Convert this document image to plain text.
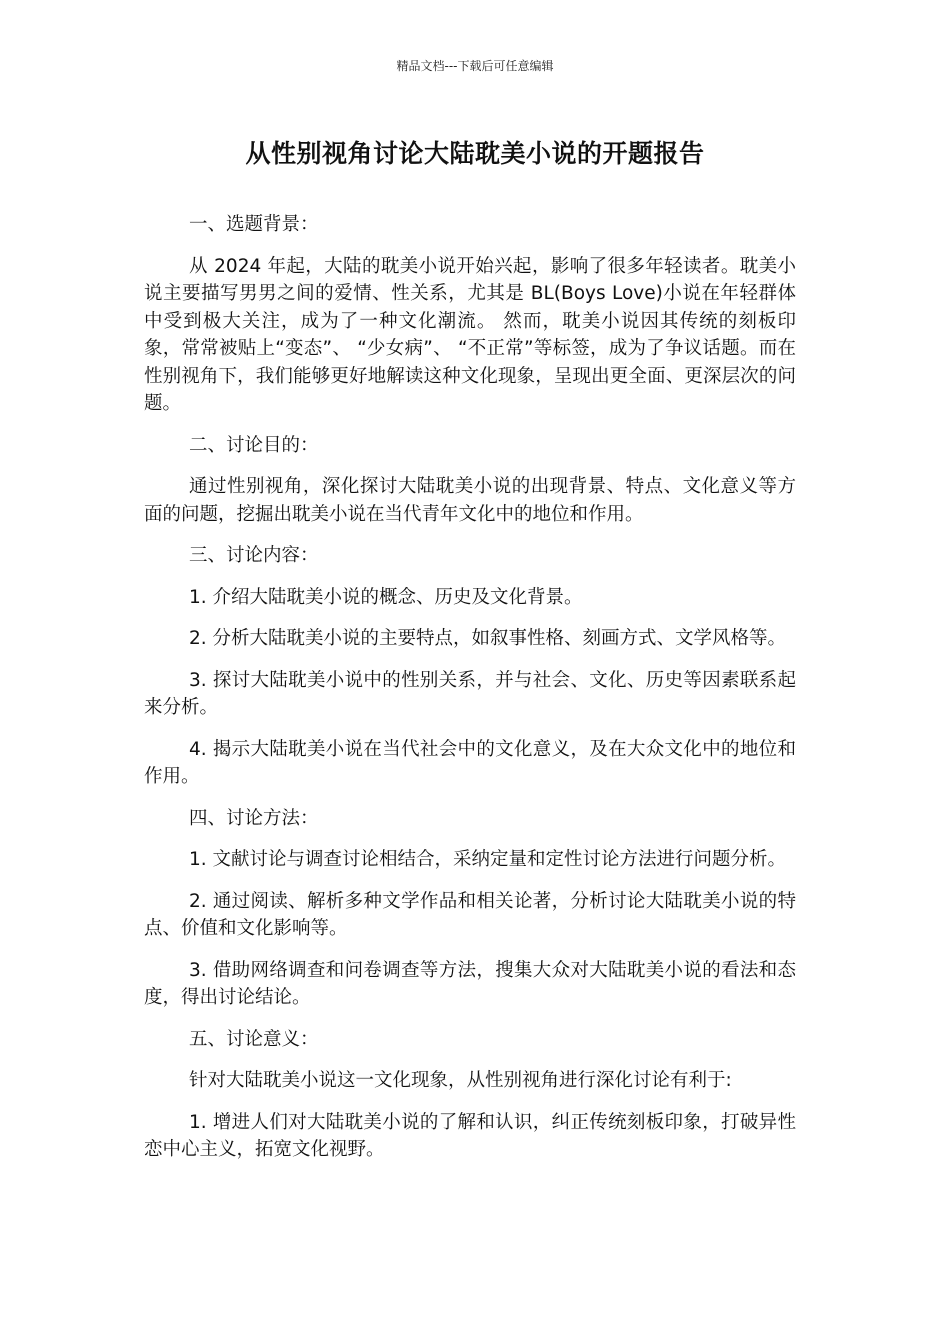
精品文档---下载后可任意编辑
从性别视角讨论大陆耽美小说的开题报告

一、选题背景：

从 2024 年起，大陆的耽美小说开始兴起，影响了很多年轻读者。耽美小说主要描写男男之间的爱情、性关系，尤其是 BL(Boys Love)小说在年轻群体中受到极大关注，成为了一种文化潮流。 然而，耽美小说因其传统的刻板印象，常常被贴上“变态”、 “少女病”、 “不正常”等标签，成为了争议话题。而在性别视角下，我们能够更好地解读这种文化现象，呈现出更全面、更深层次的问题。

二、讨论目的：

通过性别视角，深化探讨大陆耽美小说的出现背景、特点、文化意义等方面的问题，挖掘出耽美小说在当代青年文化中的地位和作用。

三、讨论内容：

1. 介绍大陆耽美小说的概念、历史及文化背景。

2. 分析大陆耽美小说的主要特点，如叙事性格、刻画方式、文学风格等。

3. 探讨大陆耽美小说中的性别关系，并与社会、文化、历史等因素联系起来分析。

4. 揭示大陆耽美小说在当代社会中的文化意义，及在大众文化中的地位和作用。

四、讨论方法：

1. 文献讨论与调查讨论相结合，采纳定量和定性讨论方法进行问题分析。

2. 通过阅读、解析多种文学作品和相关论著，分析讨论大陆耽美小说的特点、价值和文化影响等。

3. 借助网络调查和问卷调查等方法，搜集大众对大陆耽美小说的看法和态度，得出讨论结论。

五、讨论意义：

针对大陆耽美小说这一文化现象，从性别视角进行深化讨论有利于:

1. 增进人们对大陆耽美小说的了解和认识，纠正传统刻板印象，打破异性恋中心主义，拓宽文化视野。
